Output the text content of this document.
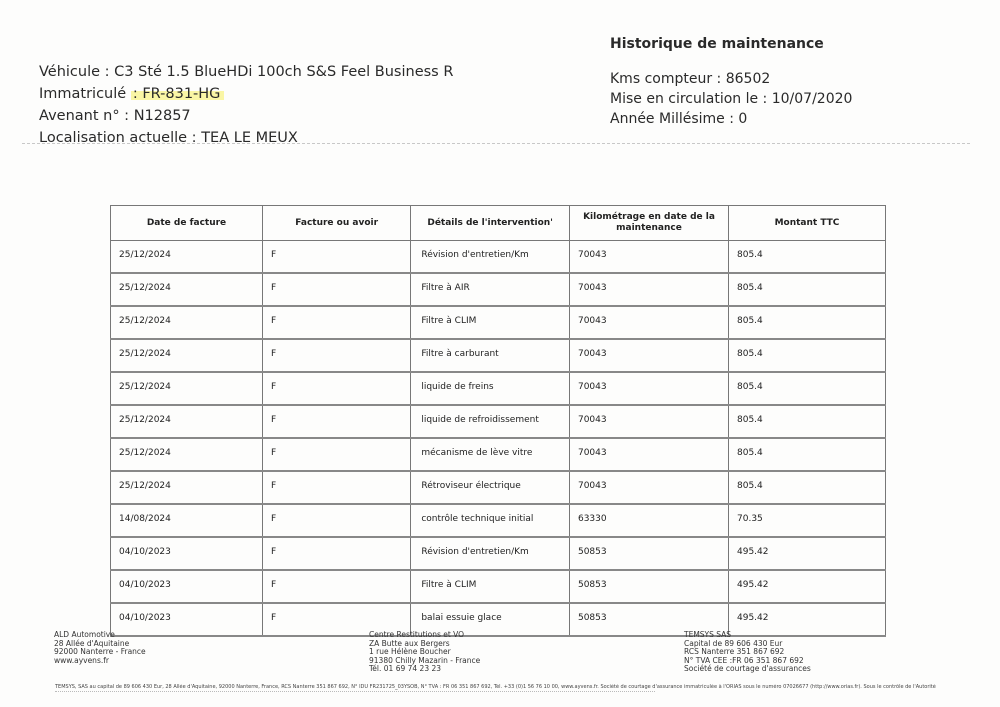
Véhicule : C3 Sté 1.5 BlueHDi 100ch S&S Feel Business R
Immatriculé : FR-831-HG
Avenant n° : N12857
Localisation actuelle : TEA LE MEUX
Historique de maintenance
Kms compteur : 86502
Mise en circulation le : 10/07/2020
Année Millésime : 0
Date de facture	Facture ou avoir	Détails de l'intervention'	Kilométrage en date de la maintenance	Montant TTC
25/12/2024	F	Révision d'entretien/Km	70043	805.4
25/12/2024	F	Filtre à AIR	70043	805.4
25/12/2024	F	Filtre à CLIM	70043	805.4
25/12/2024	F	Filtre à carburant	70043	805.4
25/12/2024	F	liquide de freins	70043	805.4
25/12/2024	F	liquide de refroidissement	70043	805.4
25/12/2024	F	mécanisme de lève vitre	70043	805.4
25/12/2024	F	Rétroviseur électrique	70043	805.4
14/08/2024	F	contrôle technique initial	63330	70.35
04/10/2023	F	Révision d'entretien/Km	50853	495.42
04/10/2023	F	Filtre à CLIM	50853	495.42
04/10/2023	F	balai essuie glace	50853	495.42
ALD Automotive
28 Allée d'Aquitaine
92000 Nanterre - France
www.ayvens.fr
Centre Restitutions et VO
ZA Butte aux Bergers
1 rue Hélène Boucher
91380 Chilly Mazarin - France
Tél. 01 69 74 23 23
TEMSYS SAS
Capital de 89 606 430 Eur
RCS Nanterre 351 867 692
N° TVA CEE :FR 06 351 867 692
Société de courtage d'assurances
TEMSYS, SAS au capital de 89 606 430 Eur, 28 Allée d'Aquitaine, 92000 Nanterre, France, RCS Nanterre 351 867 692, N° IDU FR231725_03YSOB, N° TVA : FR 06 351 867 692, Tél. +33 (0)1 56 76 10 00, www.ayvens.fr. Société de courtage d'assurance immatriculée à l'ORIAS sous le numéro 07026677 (http://www.orias.fr). Sous le contrôle de l'Autorité
